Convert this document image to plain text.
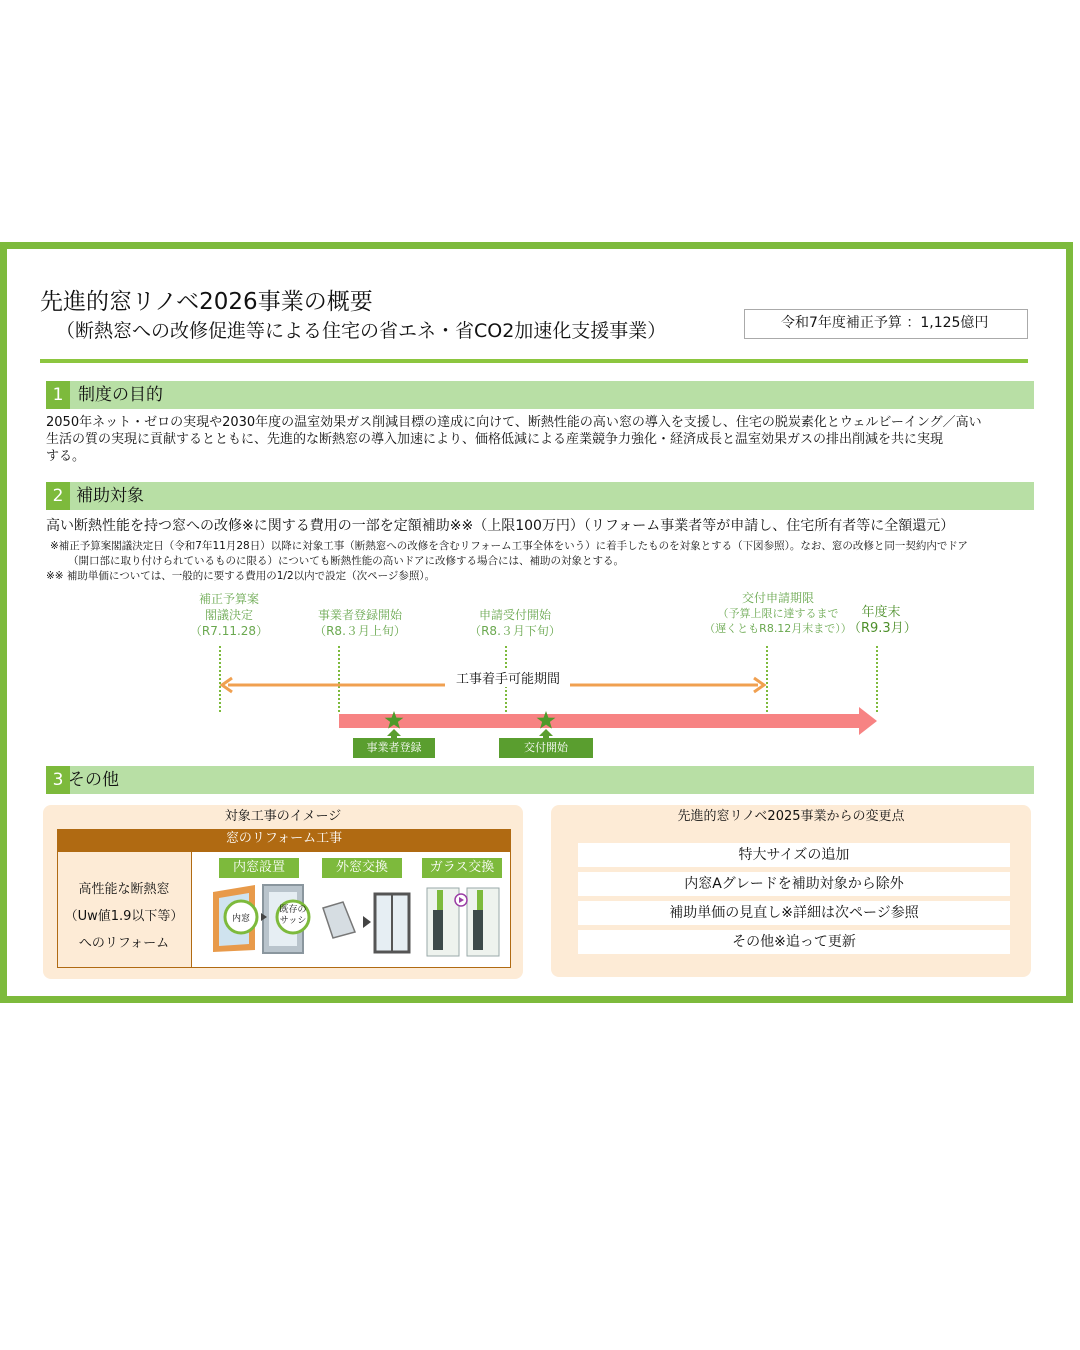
先進的窓リノベ2026事業の概要
（断熱窓への改修促進等による住宅の省エネ・省CO2加速化支援事業）	令和7年度補正予算 ：1,125億円
1 制度の目的
2050年ネット・ゼロの実現や2030年度の温室効果ガス削減目標の達成に向けて、断熱性能の高い窓の導入を支援し、住宅の脱炭素化とウェルビーイング／高い
生活の質の実現に貢献するとともに、先進的な断熱窓の導入加速により、価格低減による産業競争力強化・経済成長と温室効果ガスの排出削減を共に実現
する。
2 補助対象
高い断熱性能を持つ窓への改修※に関する費用の一部を定額補助※※（上限100万円）（リフォーム事業者等が申請し、住宅所有者等に全額還元）
※補正予算案閣議決定日（令和7年11月28日）以降に対象工事（断熱窓への改修を含むリフォーム工事全体をいう）に着手したものを対象とする（下図参照）。なお、窓の改修と同一契約内でドア
（開口部に取り付けられているものに限る）についても断熱性能の高いドアに改修する場合には、補助の対象とする。
※※ 補助単価については、一般的に要する費用の1/2以内で設定（次ページ参照）。
補正予算案
閣議決定
（R7.11.28）
事業者登録開始
（R8.３月上旬）
申請受付開始
（R8.３月下旬）
交付申請期限
（予算上限に達するまで
（遅くともR8.12月末まで））
年度末
（R9.3月）
工事着手可能期間
事業者登録	交付開始
3 その他
対象工事のイメージ
窓のリフォーム工事
高性能な断熱窓
（Uw値1.9以下等）
へのリフォーム
内窓設置	外窓交換	ガラス交換
内窓
既存の
サッシ
先進的窓リノベ2025事業からの変更点
特大サイズの追加
内窓Aグレードを補助対象から除外
補助単価の見直し※詳細は次ページ参照
その他※追って更新
